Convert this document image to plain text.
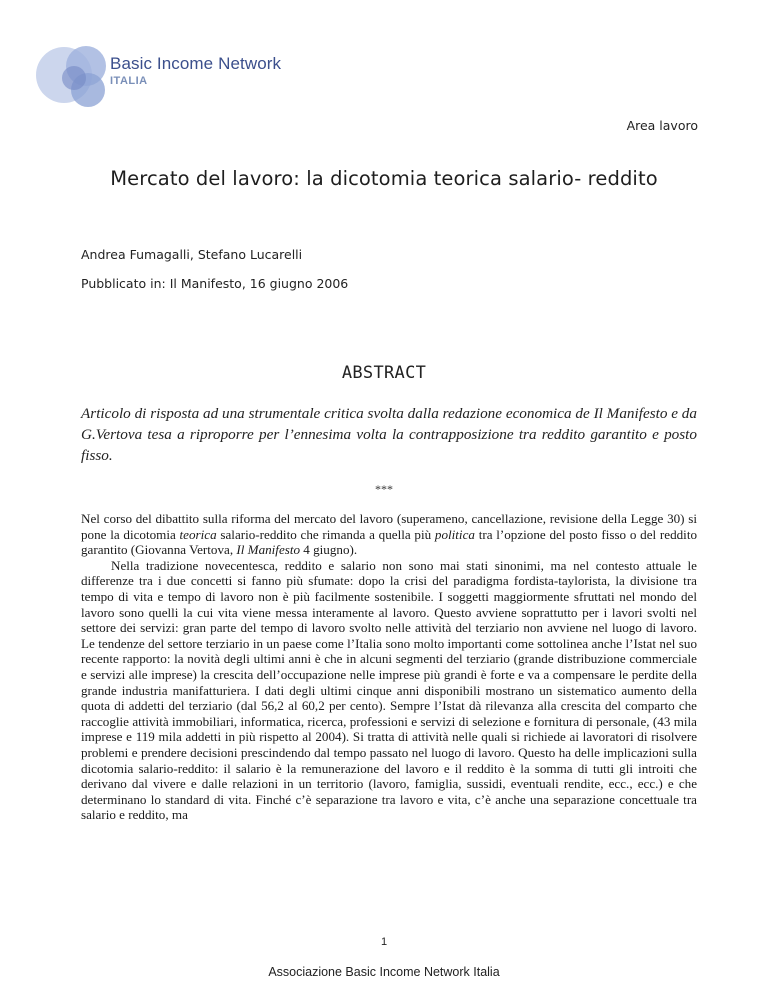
Basic Income Network
ITALIA
Area lavoro
Mercato del lavoro: la dicotomia teorica salario- reddito
Andrea Fumagalli, Stefano Lucarelli
Pubblicato in: Il Manifesto, 16 giugno 2006
ABSTRACT
Articolo di risposta ad una strumentale critica svolta dalla redazione economica de Il Manifesto e da G.Vertova tesa a riproporre per l’ennesima volta la contrapposizione tra reddito garantito e posto fisso.
***

Nel corso del dibattito sulla riforma del mercato del lavoro (superameno, cancellazione, revisione della Legge 30) si pone la dicotomia teorica salario-reddito che rimanda a quella più politica tra l’opzione del posto fisso o del reddito garantito (Giovanna Vertova, Il Manifesto 4 giugno).

Nella tradizione novecentesca, reddito e salario non sono mai stati sinonimi, ma nel contesto attuale le differenze tra i due concetti si fanno più sfumate: dopo la crisi del paradigma fordista-taylorista, la divisione tra tempo di vita e tempo di lavoro non è più facilmente sostenibile. I soggetti maggiormente sfruttati nel mondo del lavoro sono quelli la cui vita viene messa interamente al lavoro. Questo avviene soprattutto per i lavori svolti nel settore dei servizi: gran parte del tempo di lavoro svolto nelle attività del terziario non avviene nel luogo di lavoro. Le tendenze del settore terziario in un paese come l’Italia sono molto importanti come sottolinea anche l’Istat nel suo recente rapporto: la novità degli ultimi anni è che in alcuni segmenti del terziario (grande distribuzione commerciale e servizi alle imprese) la crescita dell’occupazione nelle imprese più grandi è forte e va a compensare le perdite della grande industria manifatturiera. I dati degli ultimi cinque anni disponibili mostrano un sistematico aumento della quota di addetti del terziario (dal 56,2 al 60,2 per cento). Sempre l’Istat dà rilevanza alla crescita del comparto che raccoglie attività immobiliari, informatica, ricerca, professioni e servizi di selezione e fornitura di personale, (43 mila imprese e 119 mila addetti in più rispetto al 2004). Si tratta di attività nelle quali si richiede ai lavoratori di risolvere problemi e prendere decisioni prescindendo dal tempo passato nel luogo di lavoro. Questo ha delle implicazioni sulla dicotomia salario-reddito: il salario è la remunerazione del lavoro e il reddito è la somma di tutti gli introiti che derivano dal vivere e dalle relazioni in un territorio (lavoro, famiglia, sussidi, eventuali rendite, ecc., ecc.) e che determinano lo standard di vita. Finché c’è separazione tra lavoro e vita, c’è anche una separazione concettuale tra salario e reddito, ma

1
Associazione Basic Income Network Italia
